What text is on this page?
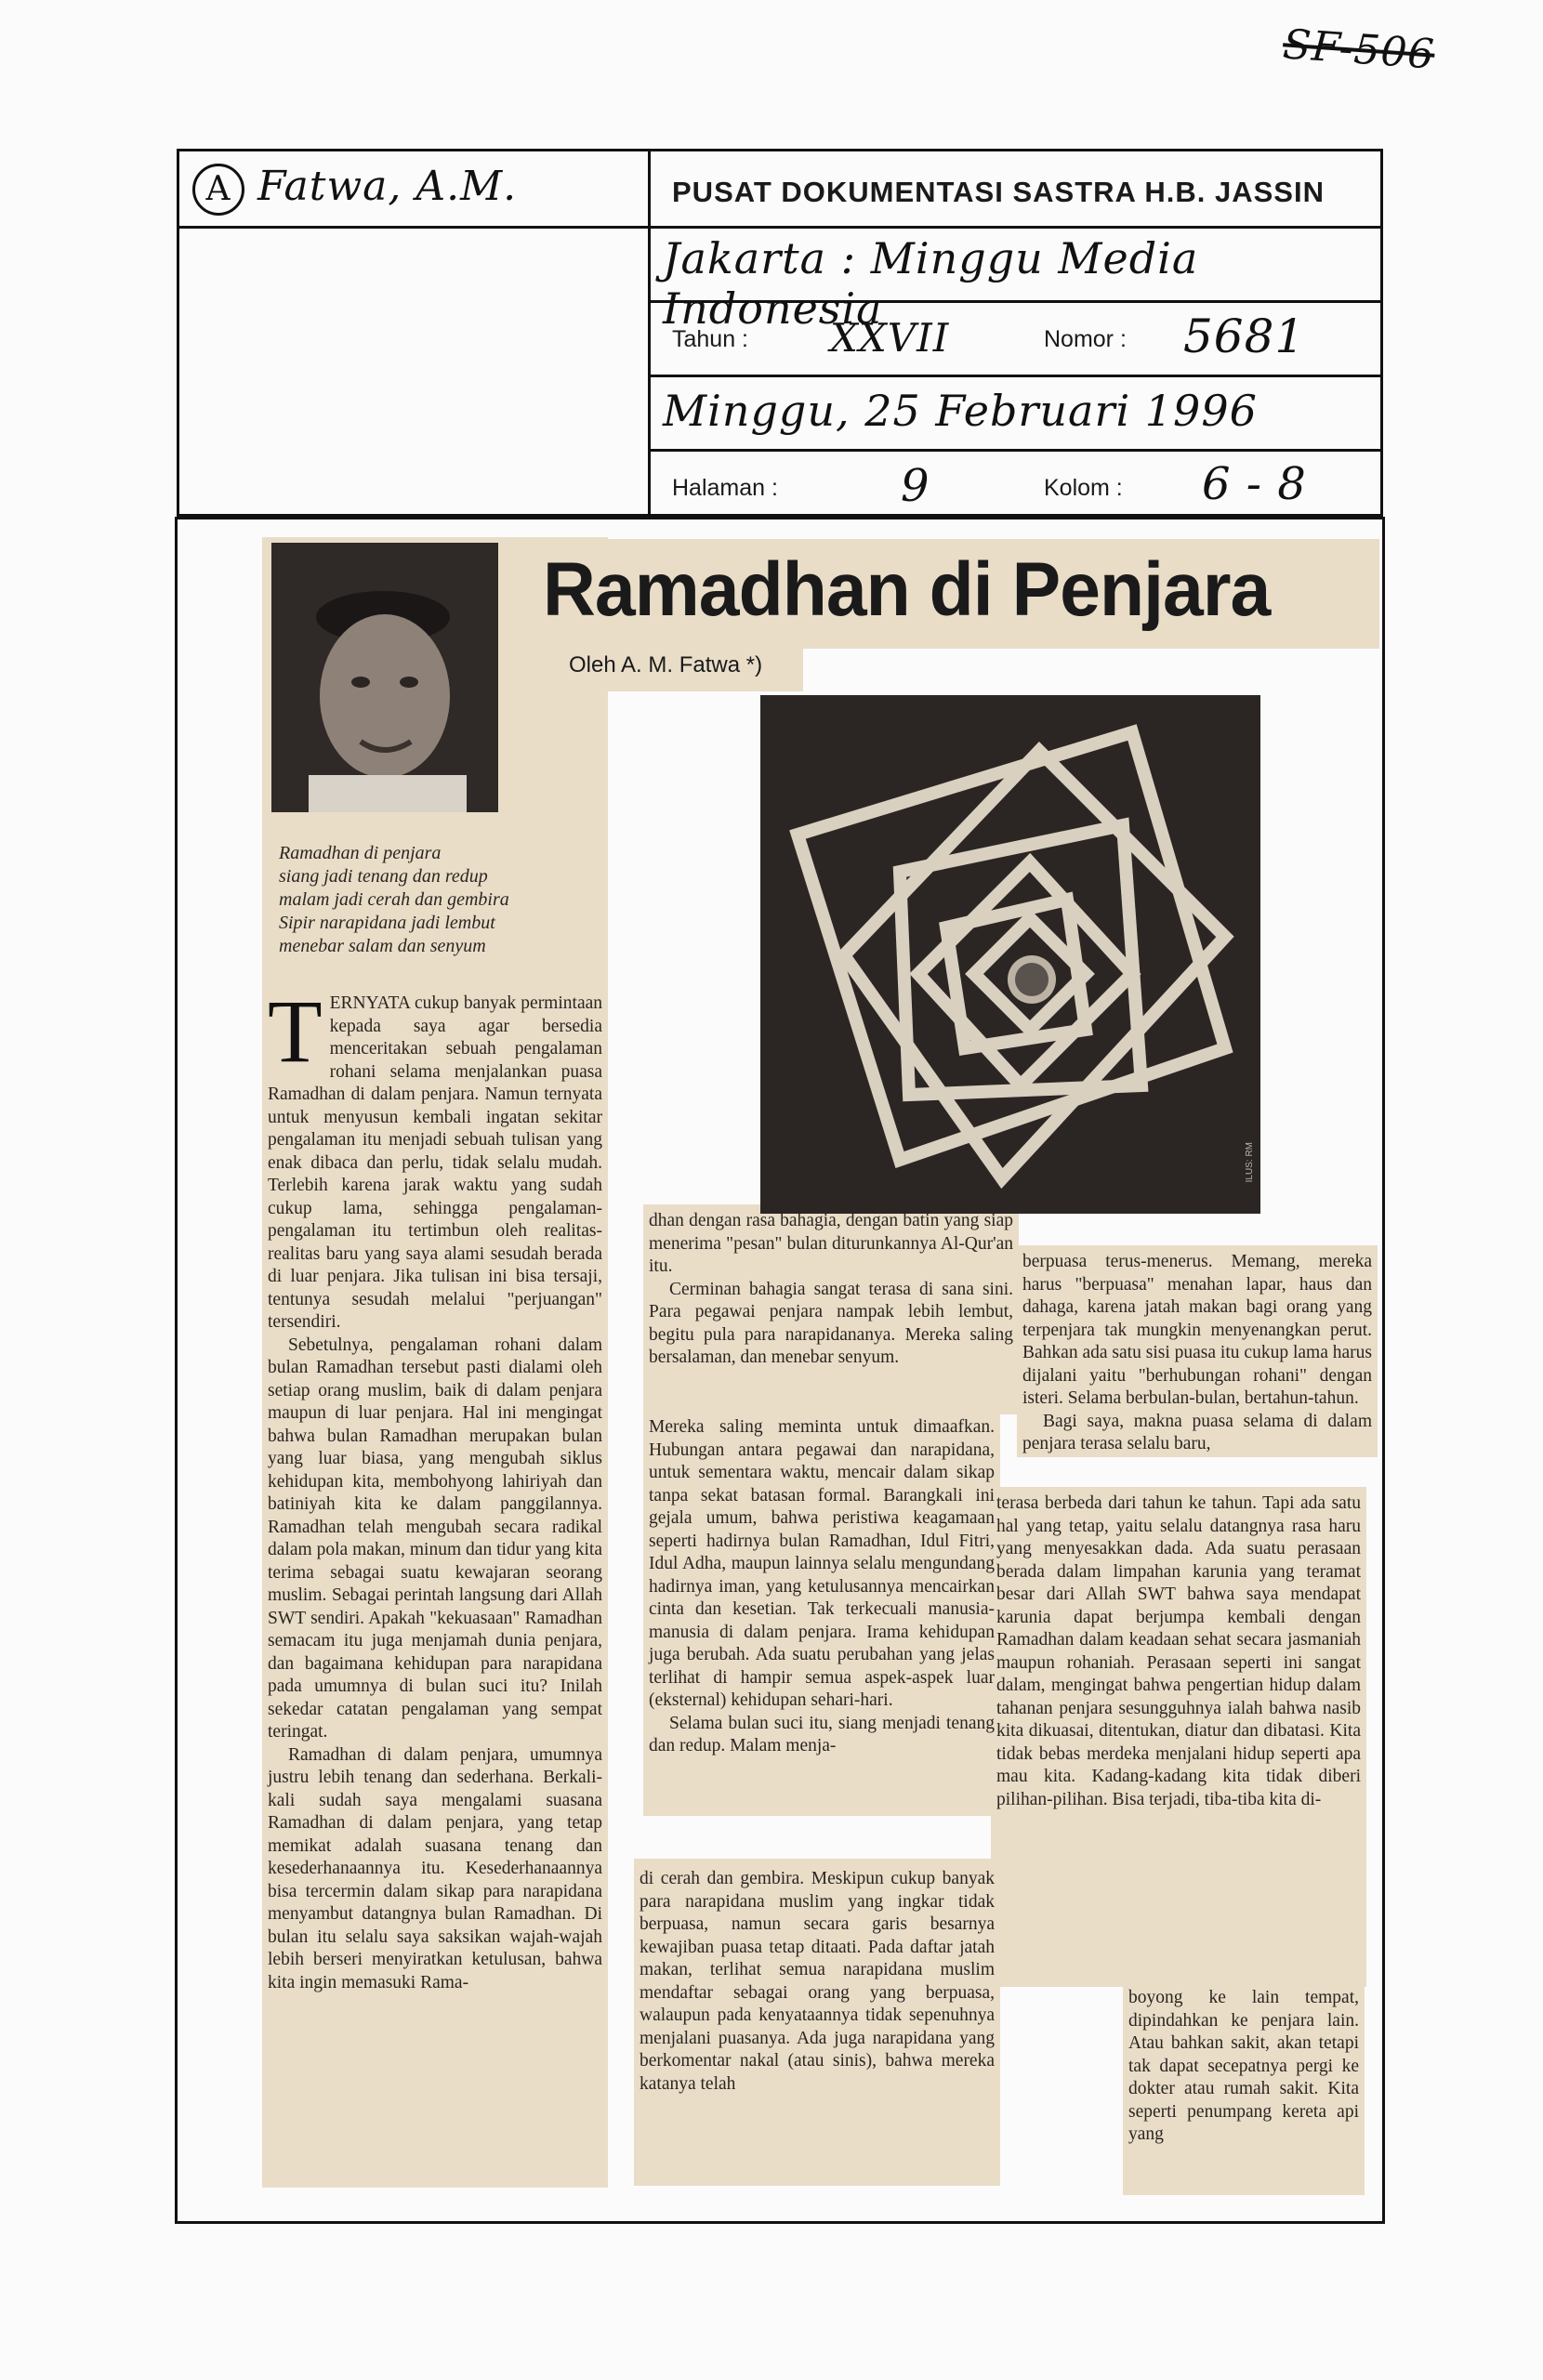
SF-506
A Fatwa, A.M.	PUSAT DOKUMENTASI SASTRA H.B. JASSIN
Jakarta : Minggu Media Indonesia
Tahun : XXVII	Nomor : 5681
Minggu, 25 Februari 1996
Halaman :	9	Kolom : 6 - 8
Ramadhan di Penjara
Oleh A. M. Fatwa *)
Ramadhan di penjara
siang jadi tenang dan redup
malam jadi cerah dan gembira
Sipir narapidana jadi lembut
menebar salam dan senyum
ILUS: RM

TERNYATA cukup banyak permintaan kepada saya agar bersedia menceritakan sebuah pengalaman rohani selama menjalankan puasa Ramadhan di dalam penjara. Namun ternyata untuk menyusun kembali ingatan sekitar pengalaman itu menjadi sebuah tulisan yang enak dibaca dan perlu, tidak selalu mudah. Terlebih karena jarak waktu yang sudah cukup lama, sehingga pengalaman-pengalaman itu tertimbun oleh realitas-realitas baru yang saya alami sesudah berada di luar penjara. Jika tulisan ini bisa tersaji, tentunya sesudah melalui "perjuangan" tersendiri.

Sebetulnya, pengalaman rohani dalam bulan Ramadhan tersebut pasti dialami oleh setiap orang muslim, baik di dalam penjara maupun di luar penjara. Hal ini mengingat bahwa bulan Ramadhan merupakan bulan yang luar biasa, yang mengubah siklus kehidupan kita, membohyong lahiriyah dan batiniyah kita ke dalam panggilannya. Ramadhan telah mengubah secara radikal dalam pola makan, minum dan tidur yang kita terima sebagai suatu kewajaran seorang muslim. Sebagai perintah langsung dari Allah SWT sendiri. Apakah "kekuasaan" Ramadhan semacam itu juga menjamah dunia penjara, dan bagaimana kehidupan para narapidana pada umumnya di bulan suci itu? Inilah sekedar catatan pengalaman yang sempat teringat.

Ramadhan di dalam penjara, umumnya justru lebih tenang dan sederhana. Berkali-kali sudah saya mengalami suasana Ramadhan di dalam penjara, yang tetap memikat adalah suasana tenang dan kesederhanaannya itu. Kesederhanaannya bisa tercermin dalam sikap para narapidana menyambut datangnya bulan Ramadhan. Di bulan itu selalu saya saksikan wajah-wajah lebih berseri menyiratkan ketulusan, bahwa kita ingin memasuki Rama-

dhan dengan rasa bahagia, dengan batin yang siap menerima "pesan" bulan diturunkannya Al-Qur'an itu.

Cerminan bahagia sangat terasa di sana sini. Para pegawai penjara nampak lebih lembut, begitu pula para narapidananya. Mereka saling bersalaman, dan menebar senyum.

Mereka saling meminta untuk dimaafkan. Hubungan antara pegawai dan narapidana, untuk sementara waktu, mencair dalam sikap tanpa sekat batasan formal. Barangkali ini gejala umum, bahwa peristiwa keagamaan seperti hadirnya bulan Ramadhan, Idul Fitri, Idul Adha, maupun lainnya selalu mengundang hadirnya iman, yang ketulusannya mencairkan cinta dan kesetian. Tak terkecuali manusia-manusia di dalam penjara. Irama kehidupan juga berubah. Ada suatu perubahan yang jelas terlihat di hampir semua aspek-aspek luar (eksternal) kehidupan sehari-hari.

Selama bulan suci itu, siang menjadi tenang dan redup. Malam menja-

di cerah dan gembira. Meskipun cukup banyak para narapidana muslim yang ingkar tidak berpuasa, namun secara garis besarnya kewajiban puasa tetap ditaati. Pada daftar jatah makan, terlihat semua narapidana muslim mendaftar sebagai orang yang berpuasa, walaupun pada kenyataannya tidak sepenuhnya menjalani puasanya. Ada juga narapidana yang berkomentar nakal (atau sinis), bahwa mereka katanya telah

berpuasa terus-menerus. Memang, mereka harus "berpuasa" menahan lapar, haus dan dahaga, karena jatah makan bagi orang yang terpenjara tak mungkin menyenangkan perut. Bahkan ada satu sisi puasa itu cukup lama harus dijalani yaitu "berhubungan rohani" dengan isteri. Selama berbulan-bulan, bertahun-tahun.

Bagi saya, makna puasa selama di dalam penjara terasa selalu baru,

terasa berbeda dari tahun ke tahun. Tapi ada satu hal yang tetap, yaitu selalu datangnya rasa haru yang menyesakkan dada. Ada suatu perasaan berada dalam limpahan karunia yang teramat besar dari Allah SWT bahwa saya mendapat karunia dapat berjumpa kembali dengan Ramadhan dalam keadaan sehat secara jasmaniah maupun rohaniah. Perasaan seperti ini sangat dalam, mengingat bahwa pengertian hidup dalam tahanan penjara sesungguhnya ialah bahwa nasib kita dikuasai, ditentukan, diatur dan dibatasi. Kita tidak bebas merdeka menjalani hidup seperti apa mau kita. Kadang-kadang kita tidak diberi pilihan-pilihan. Bisa terjadi, tiba-tiba kita di-

boyong ke lain tempat, dipindahkan ke penjara lain. Atau bahkan sakit, akan tetapi tak dapat secepatnya pergi ke dokter atau rumah sakit. Kita seperti penumpang kereta api yang
